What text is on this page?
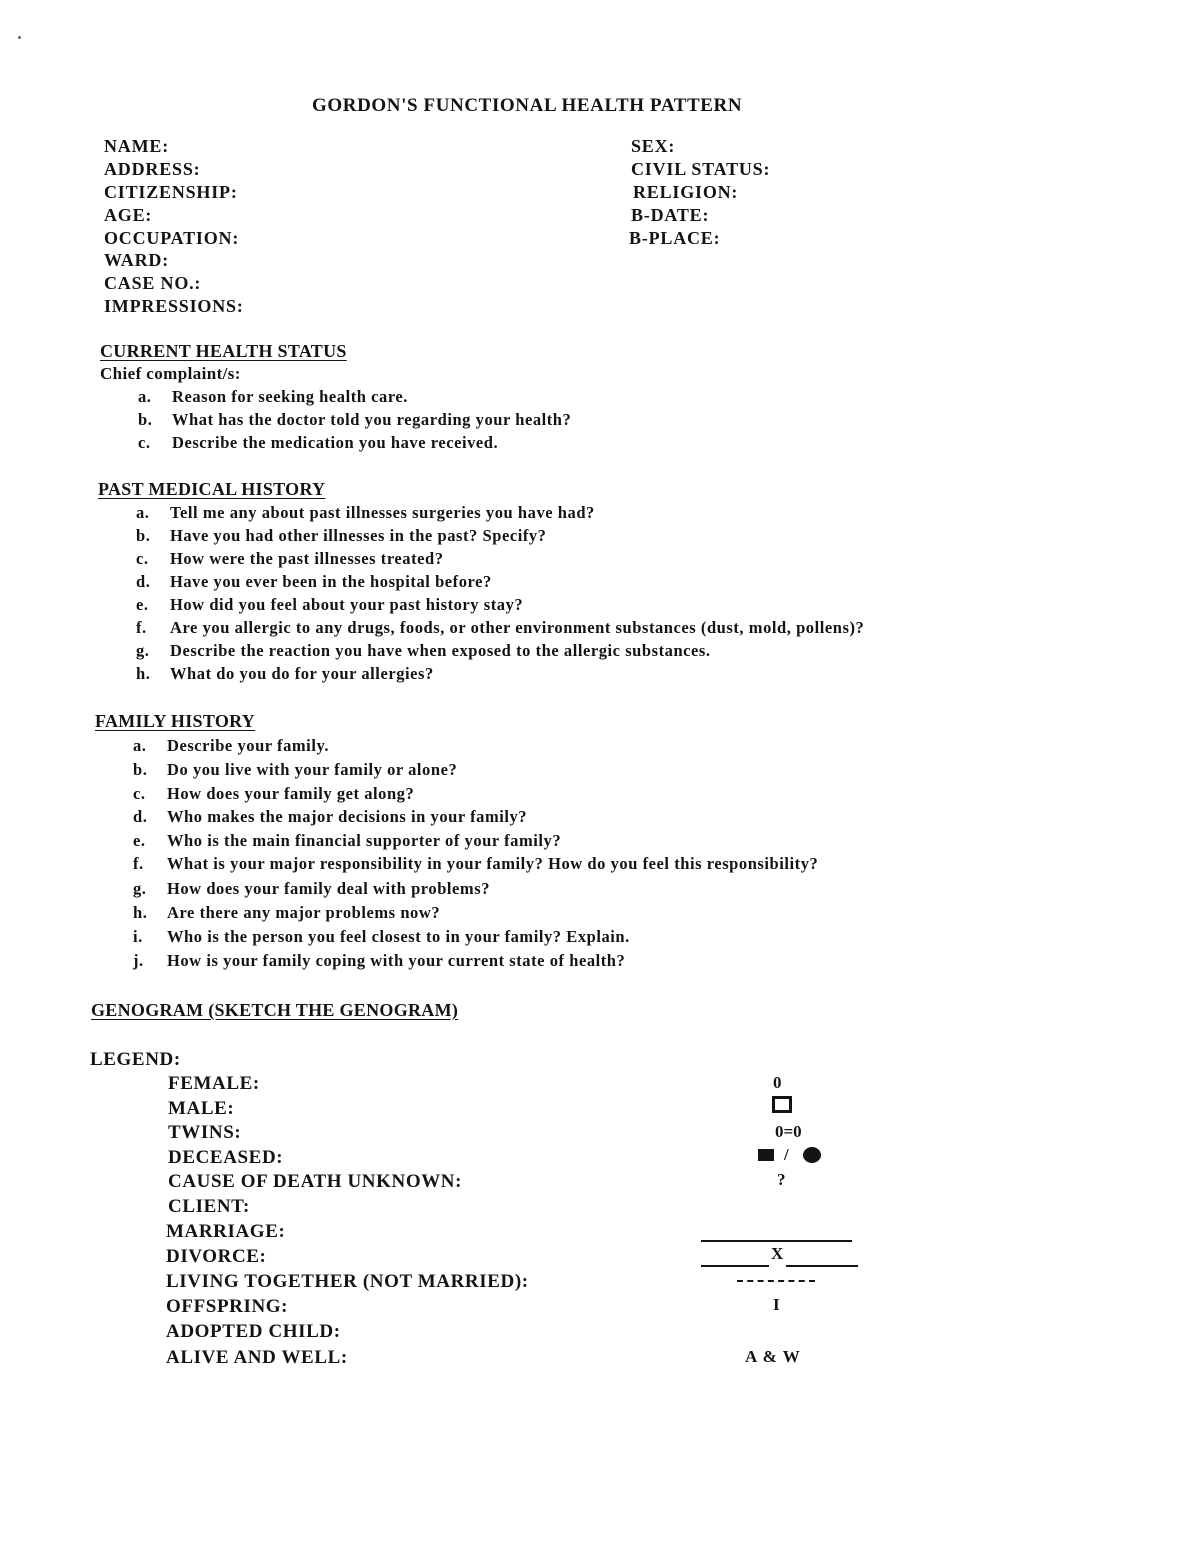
GORDON'S FUNCTIONAL HEALTH PATTERN
NAME:
ADDRESS:
CITIZENSHIP:
AGE:
OCCUPATION:
WARD:
CASE NO.:
IMPRESSIONS:
SEX:
CIVIL STATUS:
RELIGION:
B-DATE:
B-PLACE:
CURRENT HEALTH STATUS
Chief complaint/s:
a. Reason for seeking health care.
b. What has the doctor told you regarding your health?
c. Describe the medication you have received.
PAST MEDICAL HISTORY
a. Tell me any about past illnesses surgeries you have had?
b. Have you had other illnesses in the past? Specify?
c. How were the past illnesses treated?
d. Have you ever been in the hospital before?
e. How did you feel about your past history stay?
f. Are you allergic to any drugs, foods, or other environment substances (dust, mold, pollens)?
g. Describe the reaction you have when exposed to the allergic substances.
h. What do you do for your allergies?
FAMILY HISTORY
a. Describe your family.
b. Do you live with your family or alone?
c. How does your family get along?
d. Who makes the major decisions in your family?
e. Who is the main financial supporter of your family?
f. What is your major responsibility in your family? How do you feel this responsibility?
g. How does your family deal with problems?
h. Are there any major problems now?
i. Who is the person you feel closest to in your family? Explain.
j. How is your family coping with your current state of health?
GENOGRAM (SKETCH THE GENOGRAM)
LEGEND:
FEMALE:
MALE:
TWINS:
DECEASED:
CAUSE OF DEATH UNKNOWN:
CLIENT:
MARRIAGE:
DIVORCE:
LIVING TOGETHER (NOT MARRIED):
OFFSPRING:
ADOPTED CHILD:
ALIVE AND WELL:
0
0=0
/
?
X
I
A & W
